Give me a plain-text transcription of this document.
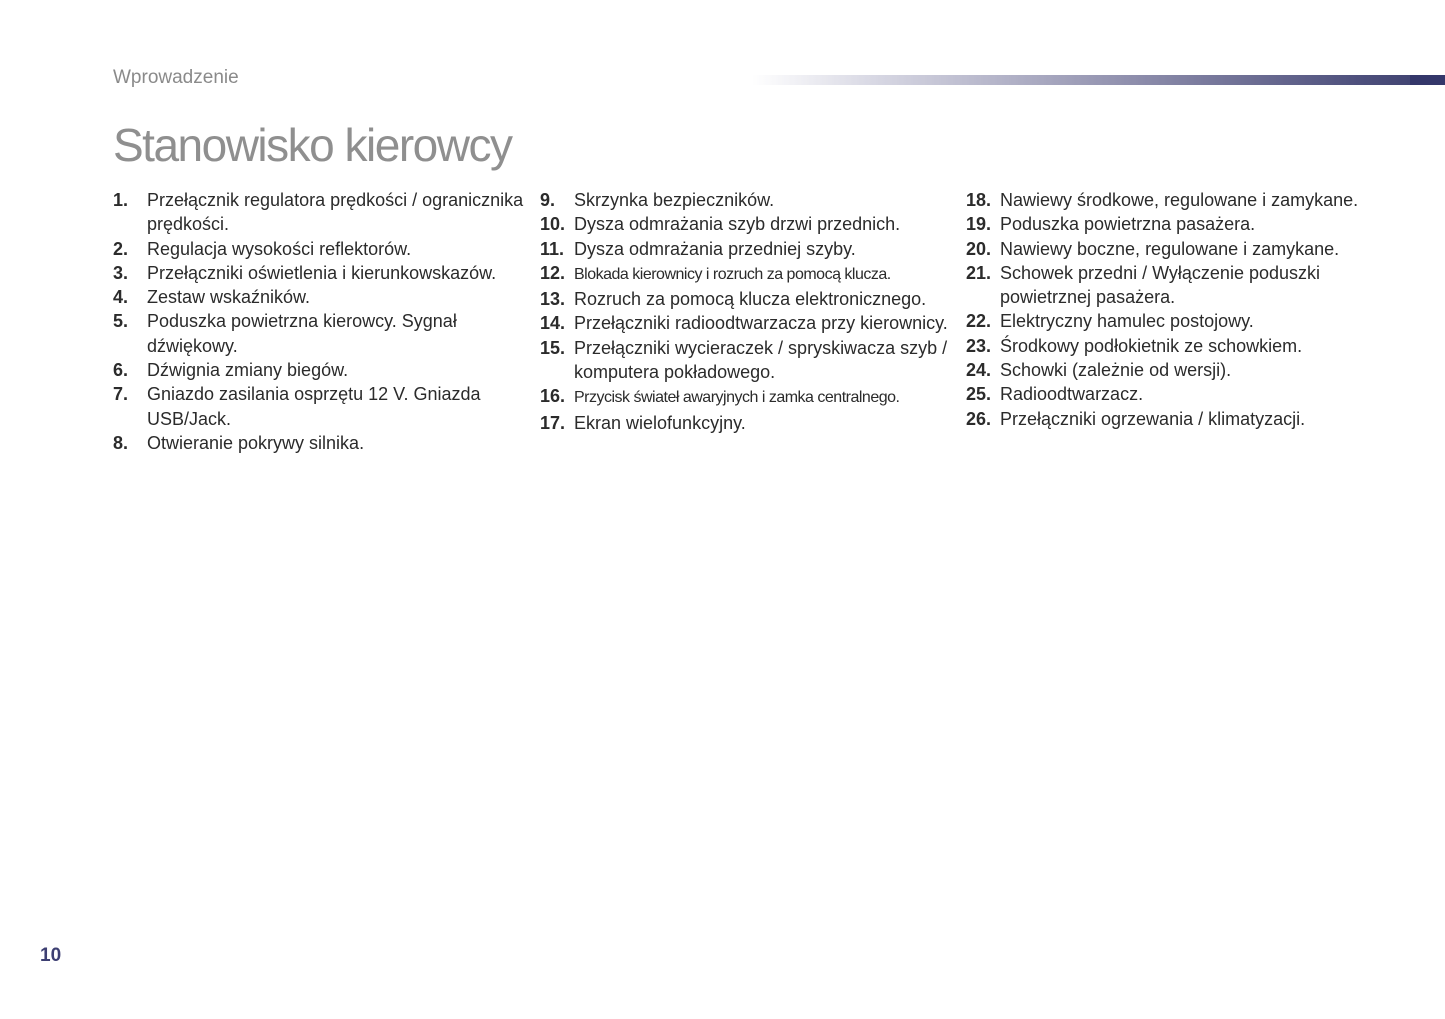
Wprowadzenie
Stanowisko kierowcy
1. Przełącznik regulatora prędkości / ogranicznika prędkości.
2. Regulacja wysokości reflektorów.
3. Przełączniki oświetlenia i kierunkowskazów.
4. Zestaw wskaźników.
5. Poduszka powietrzna kierowcy. Sygnał dźwiękowy.
6. Dźwignia zmiany biegów.
7. Gniazdo zasilania osprzętu 12 V. Gniazda USB/Jack.
8. Otwieranie pokrywy silnika.
9. Skrzynka bezpieczników.
10. Dysza odmrażania szyb drzwi przednich.
11. Dysza odmrażania przedniej szyby.
12. Blokada kierownicy i rozruch za pomocą klucza.
13. Rozruch za pomocą klucza elektronicznego.
14. Przełączniki radioodtwarzacza przy kierownicy.
15. Przełączniki wycieraczek / spryskiwacza szyb / komputera pokładowego.
16. Przycisk świateł awaryjnych i zamka centralnego.
17. Ekran wielofunkcyjny.
18. Nawiewy środkowe, regulowane i zamykane.
19. Poduszka powietrzna pasażera.
20. Nawiewy boczne, regulowane i zamykane.
21. Schowek przedni / Wyłączenie poduszki powietrznej pasażera.
22. Elektryczny hamulec postojowy.
23. Środkowy podłokietnik ze schowkiem.
24. Schowki (zależnie od wersji).
25. Radioodtwarzacz.
26. Przełączniki ogrzewania / klimatyzacji.
10
